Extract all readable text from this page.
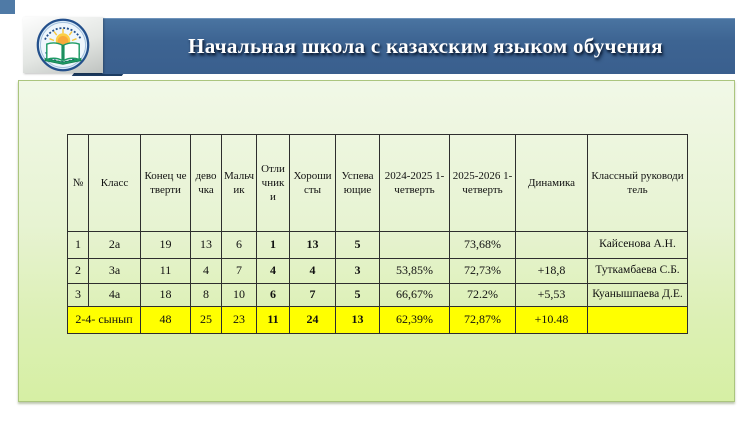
Начальная школа с казахским языком обучения
№	Класс	Конец четверти	девочка	Мальчик	Отличники	Хорошисты	Успевающие	2024-2025 1-четверть	2025-2026 1-четверть	Динамика	Классный руководитель
1	2а	19	13	6	1	13	5		73,68%		Кайсенова А.Н.
2	3а	11	4	7	4	4	3	53,85%	72,73%	+18,8	Туткамбаева С.Б.
3	4а	18	8	10	6	7	5	66,67%	72.2%	+5,53	Куанышпаева Д.Е.
2-4- сынып		48	25	23	11	24	13	62,39%	72,87%	+10.48	
